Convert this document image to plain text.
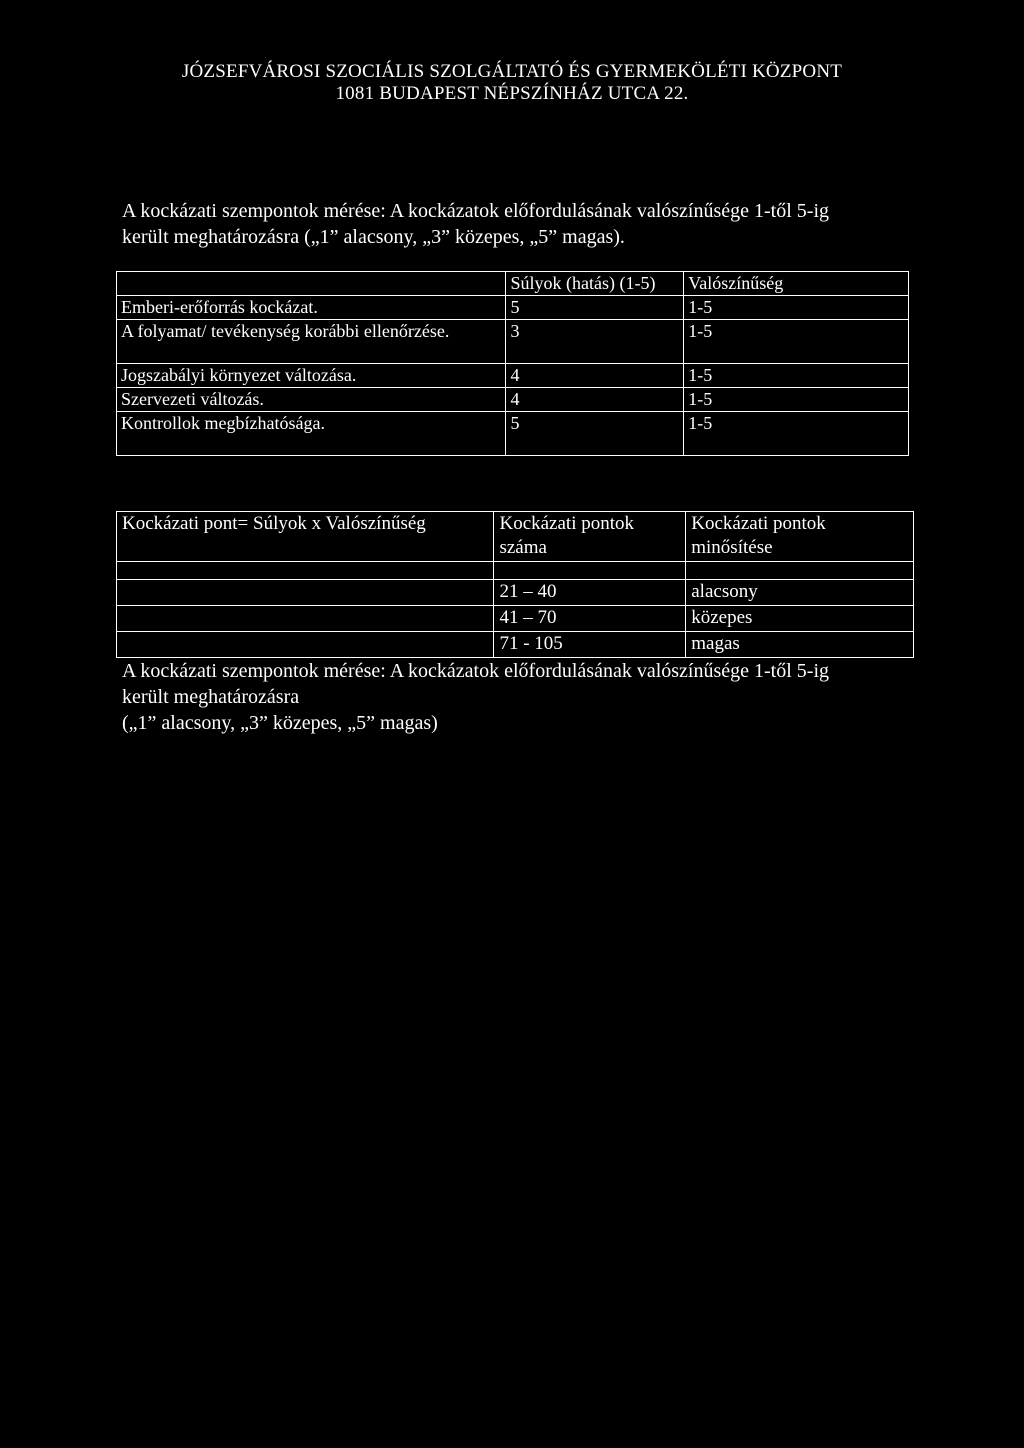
JÓZSEFVÁROSI SZOCIÁLIS SZOLGÁLTATÓ ÉS GYERMEKÖLÉTI KÖZPONT
1081 BUDAPEST NÉPSZÍNHÁZ UTCA 22.
A kockázati szempontok mérése: A kockázatok előfordulásának valószínűsége 1-től 5-ig
került meghatározásra („1” alacsony, „3” közepes, „5” magas).
	Súlyok (hatás) (1-5)	Valószínűség
Emberi-erőforrás kockázat.	5	1-5
A folyamat/ tevékenység korábbi ellenőrzése.	3	1-5
Jogszabályi környezet változása.	4	1-5
Szervezeti változás.	4	1-5
Kontrollok megbízhatósága.	5	1-5
Kockázati pont= Súlyok x Valószínűség	Kockázati pontok száma	Kockázati pontok minősítése

	21 – 40	alacsony
	41 – 70	közepes
	71 - 105	magas
A kockázati szempontok mérése: A kockázatok előfordulásának valószínűsége 1-től 5-ig
került meghatározásra
(„1” alacsony, „3” közepes, „5” magas)
